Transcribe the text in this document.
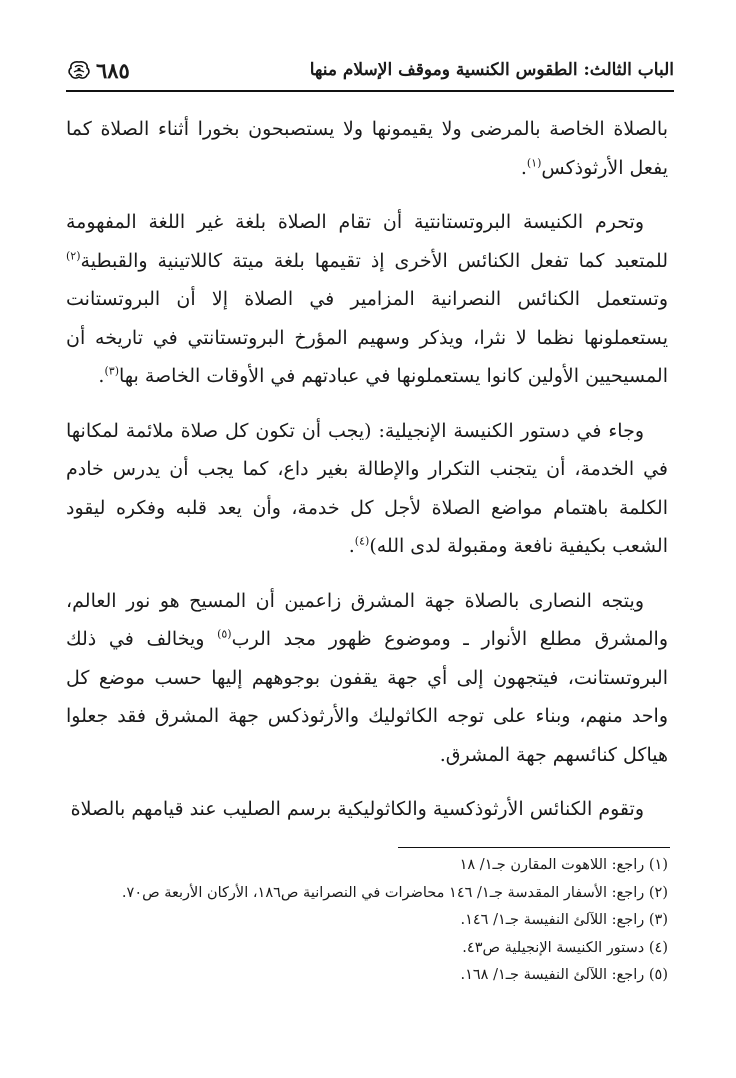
الباب الثالث: الطقوس الكنسية وموقف الإسلام منها
٦٨٥

بالصلاة الخاصة بالمرضى ولا يقيمونها ولا يستصبحون بخورا أثناء الصلاة كما يفعل الأرثوذكس$^{(١)}$.

وتحرم الكنيسة البروتستانتية أن تقام الصلاة بلغة غير اللغة المفهومة للمتعبد كما تفعل الكنائس الأخرى إذ تقيمها بلغة ميتة كاللاتينية والقبطية$^{(٢)}$ وتستعمل الكنائس النصرانية المزامير في الصلاة إلا أن البروتستانت يستعملونها نظما لا نثرا، ويذكر وسهيم المؤرخ البروتستانتي في تاريخه أن المسيحيين الأولين كانوا يستعملونها في عبادتهم في الأوقات الخاصة بها$^{(٣)}$.

وجاء في دستور الكنيسة الإنجيلية: (يجب أن تكون كل صلاة ملائمة لمكانها في الخدمة، أن يتجنب التكرار والإطالة بغير داع، كما يجب أن يدرس خادم الكلمة باهتمام مواضع الصلاة لأجل كل خدمة، وأن يعد قلبه وفكره ليقود الشعب بكيفية نافعة ومقبولة لدى الله)$^{(٤)}$.

ويتجه النصارى بالصلاة جهة المشرق زاعمين أن المسيح هو نور العالم، والمشرق مطلع الأنوار ـ وموضوع ظهور مجد الرب$^{(٥)}$ ويخالف في ذلك البروتستانت، فيتجهون إلى أي جهة يقفون بوجوههم إليها حسب موضع كل واحد منهم، وبناء على توجه الكاثوليك والأرثوذكس جهة المشرق فقد جعلوا هياكل كنائسهم جهة المشرق.

وتقوم الكنائس الأرثوذكسية والكاثوليكية برسم الصليب عند قيامهم بالصلاة

(١) راجع: اللاهوت المقارن جـ١/ ١٨

(٢) راجع: الأسفار المقدسة جـ١/ ١٤٦ محاضرات في النصرانية ص١٨٦، الأركان الأربعة ص٧٠.

(٣) راجع: اللآلئ النفيسة جـ١/ ١٤٦.

(٤) دستور الكنيسة الإنجيلية ص٤٣.

(٥) راجع: اللآلئ النفيسة جـ١/ ١٦٨.
